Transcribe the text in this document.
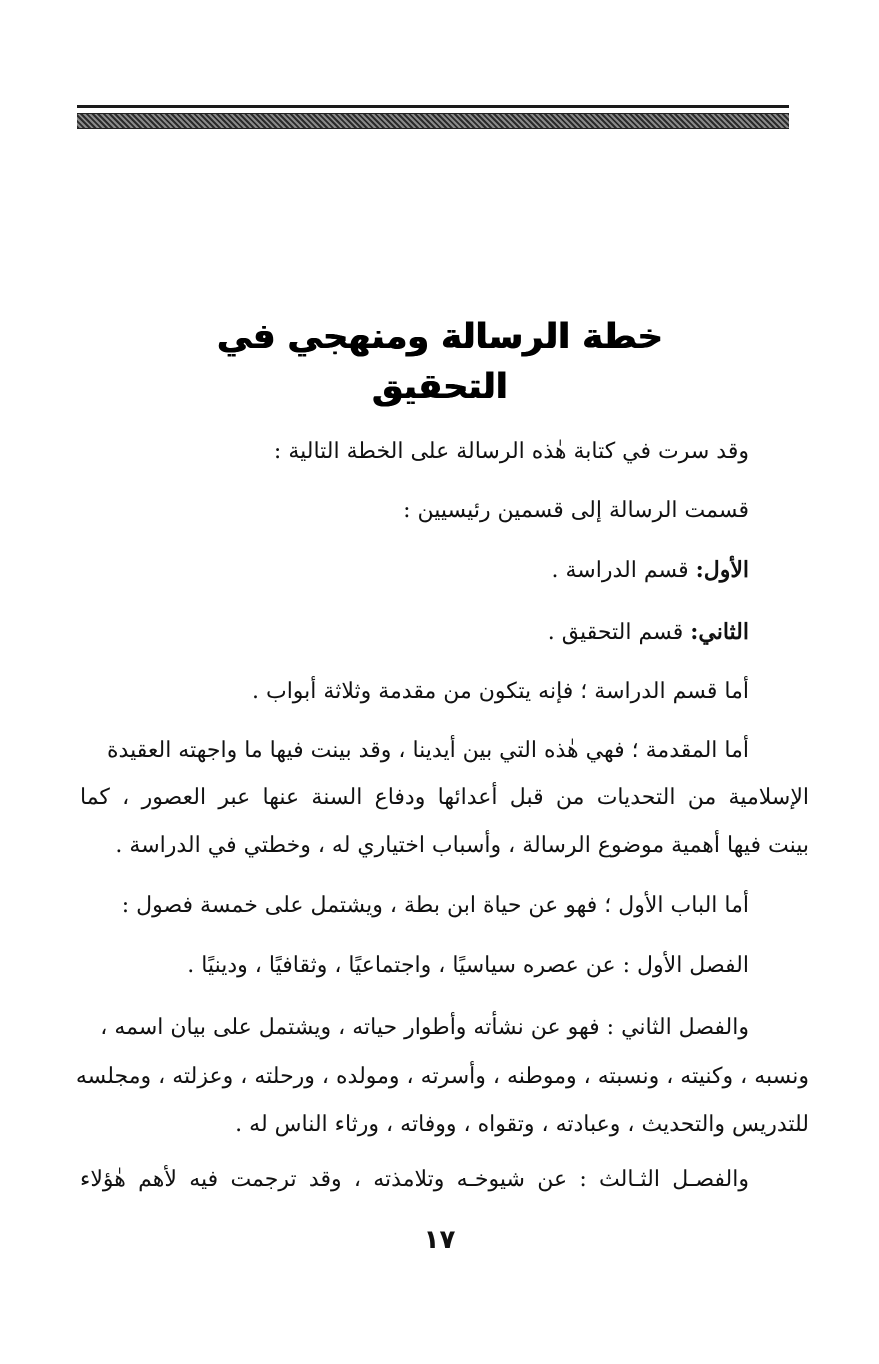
خطة الرسالة ومنهجي في التحقيق
وقد سرت في كتابة هٰذه الرسالة على الخطة التالية :
قسمت الرسالة إلى قسمين رئيسيين :
الأول: قسم الدراسة .
الثاني: قسم التحقيق .
أما قسم الدراسة ؛ فإنه يتكون من مقدمة وثلاثة أبواب .
أما المقدمة ؛ فهي هٰذه التي بين أيدينا ، وقد بينت فيها ما واجهته العقيدة
الإسلامية من التحديات من قبل أعدائها ودفاع السنة عنها عبر العصور ، كما
بينت فيها أهمية موضوع الرسالة ، وأسباب اختياري له ، وخطتي في الدراسة .
أما الباب الأول ؛ فهو عن حياة ابن بطة ، ويشتمل على خمسة فصول :
الفصل الأول : عن عصره سياسيًا ، واجتماعيًا ، وثقافيًا ، ودينيًا .
والفصل الثاني : فهو عن نشأته وأطوار حياته ، ويشتمل على بيان اسمه ،
ونسبه ، وكنيته ، ونسبته ، وموطنه ، وأسرته ، ومولده ، ورحلته ، وعزلته ، ومجلسه
للتدريس والتحديث ، وعبادته ، وتقواه ، ووفاته ، ورثاء الناس له .
والفصـل الثـالث : عن شيوخـه وتلامذته ، وقد ترجمت فيه لأهم هٰؤلاء
١٧
